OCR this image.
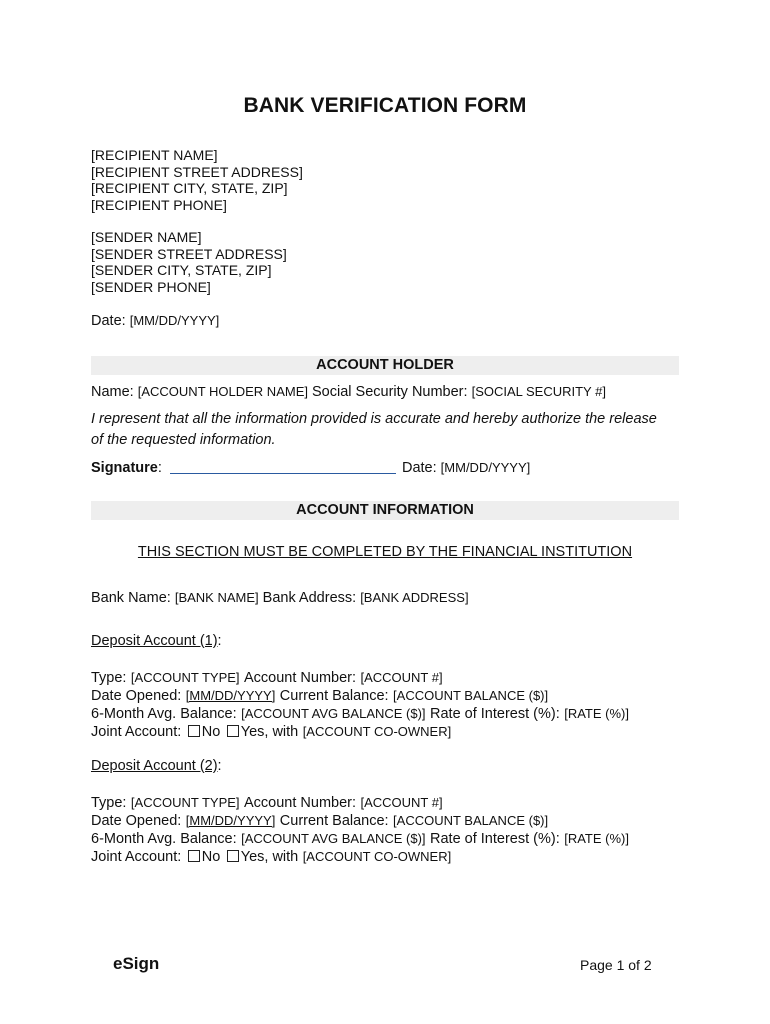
BANK VERIFICATION FORM
[RECIPIENT NAME]
[RECIPIENT STREET ADDRESS]
[RECIPIENT CITY, STATE, ZIP]
[RECIPIENT PHONE]
[SENDER NAME]
[SENDER STREET ADDRESS]
[SENDER CITY, STATE, ZIP]
[SENDER PHONE]
Date: [MM/DD/YYYY]
ACCOUNT HOLDER
Name: [ACCOUNT HOLDER NAME] Social Security Number: [SOCIAL SECURITY #]
I represent that all the information provided is accurate and hereby authorize the release of the requested information.
Signature:	Date: [MM/DD/YYYY]
ACCOUNT INFORMATION
THIS SECTION MUST BE COMPLETED BY THE FINANCIAL INSTITUTION
Bank Name: [BANK NAME] Bank Address: [BANK ADDRESS]
Deposit Account (1):
Type: [ACCOUNT TYPE] Account Number: [ACCOUNT #]
Date Opened: [MM/DD/YYYY] Current Balance: [ACCOUNT BALANCE ($)]
6-Month Avg. Balance: [ACCOUNT AVG BALANCE ($)] Rate of Interest (%): [RATE (%)]
Joint Account: No Yes, with [ACCOUNT CO-OWNER]
Deposit Account (2):
Type: [ACCOUNT TYPE] Account Number: [ACCOUNT #]
Date Opened: [MM/DD/YYYY] Current Balance: [ACCOUNT BALANCE ($)]
6-Month Avg. Balance: [ACCOUNT AVG BALANCE ($)] Rate of Interest (%): [RATE (%)]
Joint Account: No Yes, with [ACCOUNT CO-OWNER]
eSign	Page 1 of 2
